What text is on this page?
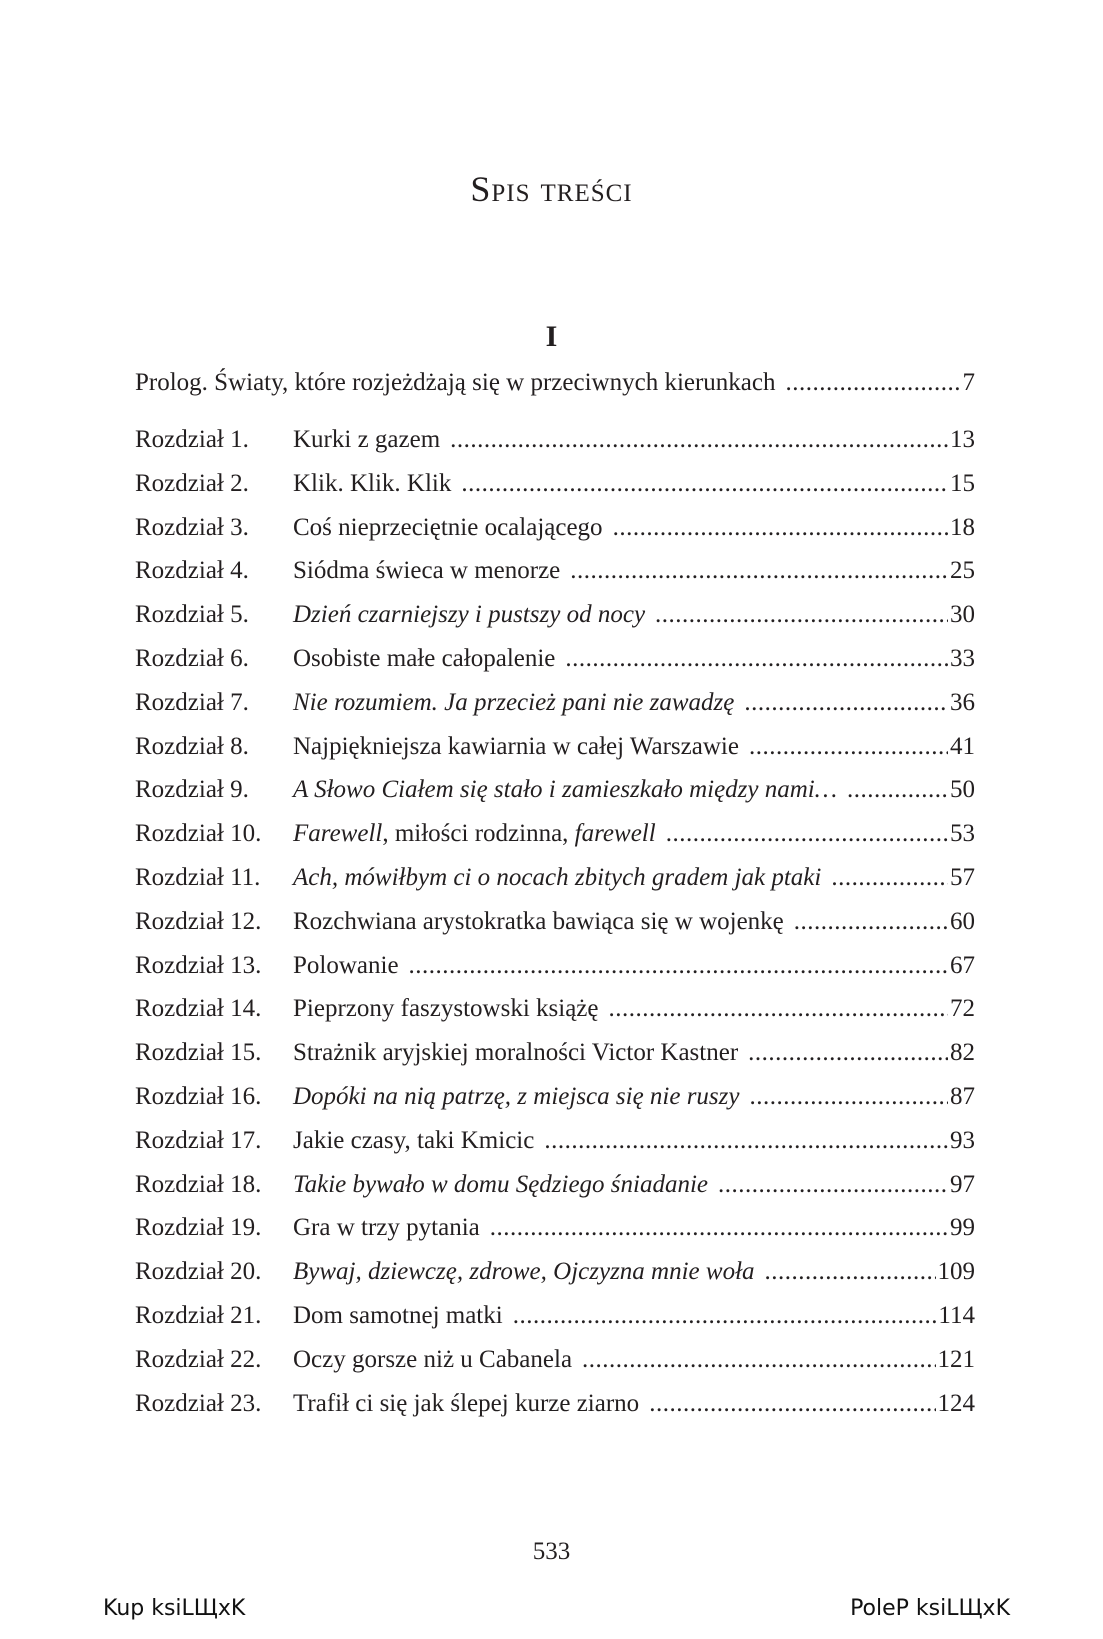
Spis treści
I
Prolog. Światy, które rozjeżdżają się w przeciwnych kierunkach .....	7
Rozdział 1.	Kurki z gazem .....	13
Rozdział 2.	Klik. Klik. Klik .....	15
Rozdział 3.	Coś nieprzeciętnie ocalającego .....	18
Rozdział 4.	Siódma świeca w menorze .....	25
Rozdział 5.	Dzień czarniejszy i pustszy od nocy .....	30
Rozdział 6.	Osobiste małe całopalenie .....	33
Rozdział 7.	Nie rozumiem. Ja przecież pani nie zawadzę .....	36
Rozdział 8.	Najpiękniejsza kawiarnia w całej Warszawie .....	41
Rozdział 9.	A Słowo Ciałem się stało i zamieszkało między nami… .....	50
Rozdział 10.	Farewell, miłości rodzinna, farewell .....	53
Rozdział 11.	Ach, mówiłbym ci o nocach zbitych gradem jak ptaki .....	57
Rozdział 12.	Rozchwiana arystokratka bawiąca się w wojenkę .....	60
Rozdział 13.	Polowanie .....	67
Rozdział 14.	Pieprzony faszystowski książę .....	72
Rozdział 15.	Strażnik aryjskiej moralności Victor Kastner .....	82
Rozdział 16.	Dopóki na nią patrzę, z miejsca się nie ruszy .....	87
Rozdział 17.	Jakie czasy, taki Kmicic .....	93
Rozdział 18.	Takie bywało w domu Sędziego śniadanie .....	97
Rozdział 19.	Gra w trzy pytania .....	99
Rozdział 20.	Bywaj, dziewczę, zdrowe, Ojczyzna mnie woła .....	109
Rozdział 21.	Dom samotnej matki .....	114
Rozdział 22.	Oczy gorsze niż u Cabanela .....	121
Rozdział 23.	Trafił ci się jak ślepej kurze ziarno .....	124
533
Kup ksiLЩxK	PoleP ksiLЩxK
